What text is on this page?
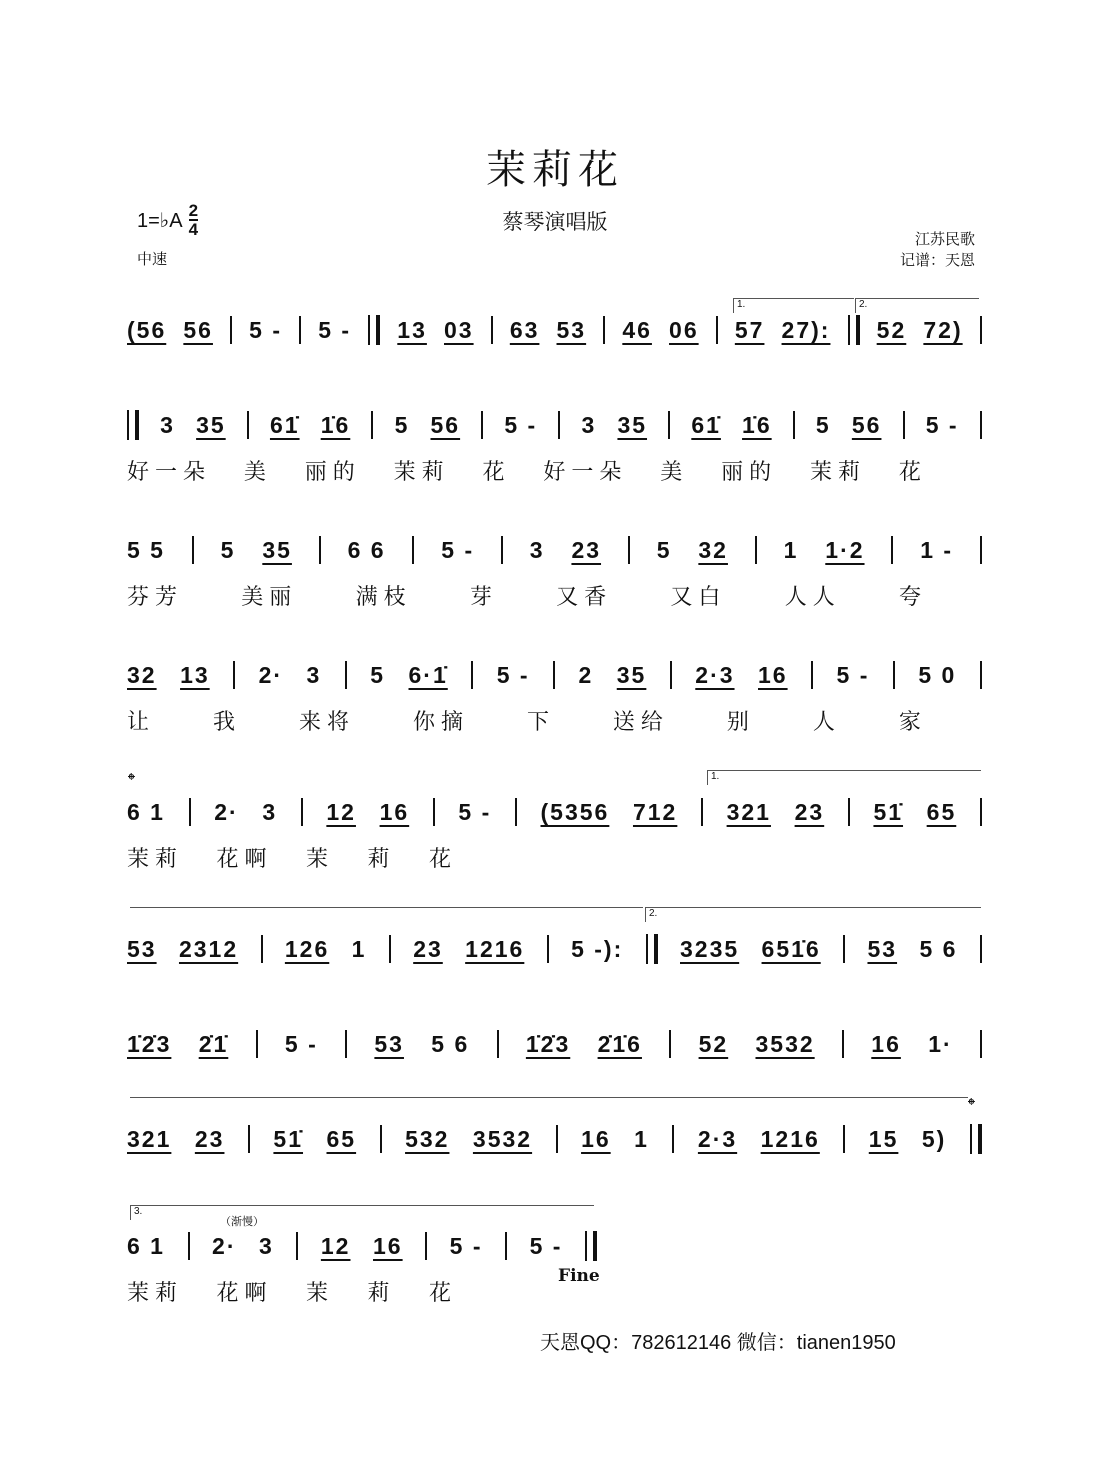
茉莉花
蔡琴演唱版
1=♭A $\frac{2}{4}$
中速
江苏民歌
记谱：天恩
1.	2.
1.
2.
3.
𝄌
𝄌
（渐慢）
Fine
(56 56 5 - 5 - 13 03 63 53 46 06 57 27): 52 72)
3 35 61̇ 1̇6 5 56 5 - 3 35 61̇ 1̇6 5 56 5 -
好一朵 美 丽的 茉莉 花 好一朵 美 丽的 茉莉 花
5 5 5 35 6 6 5 - 3 23 5 32 1 1·2 1 -
芬芳	美丽	满枝	芽	又香	又白	人人	夸
32 13 2· 3 5 6·1̇ 5 - 2 35 2·3 16 5 - 5 0
让	我	来将	你摘	下	送给	别	人	家
6 1 2· 3 12 16 5 - (5356 712 321 23 51̇ 65
茉莉 花啊 茉 莉 花
53 2312 126 1 23 1216 5 -): 3235 651̇6 53 5 6
1̇2̇3 2̇1̇ 5 - 53 5 6 1̇2̇3 2̇1̇6 52 3532 16 1·
321 23 51̇ 65 532 3532 16 1 2·3 1216 15 5)
6 1 2· 3 12 16 5 - 5 -
茉莉 花啊 茉 莉 花
天恩QQ：782612146 微信：tianen1950
